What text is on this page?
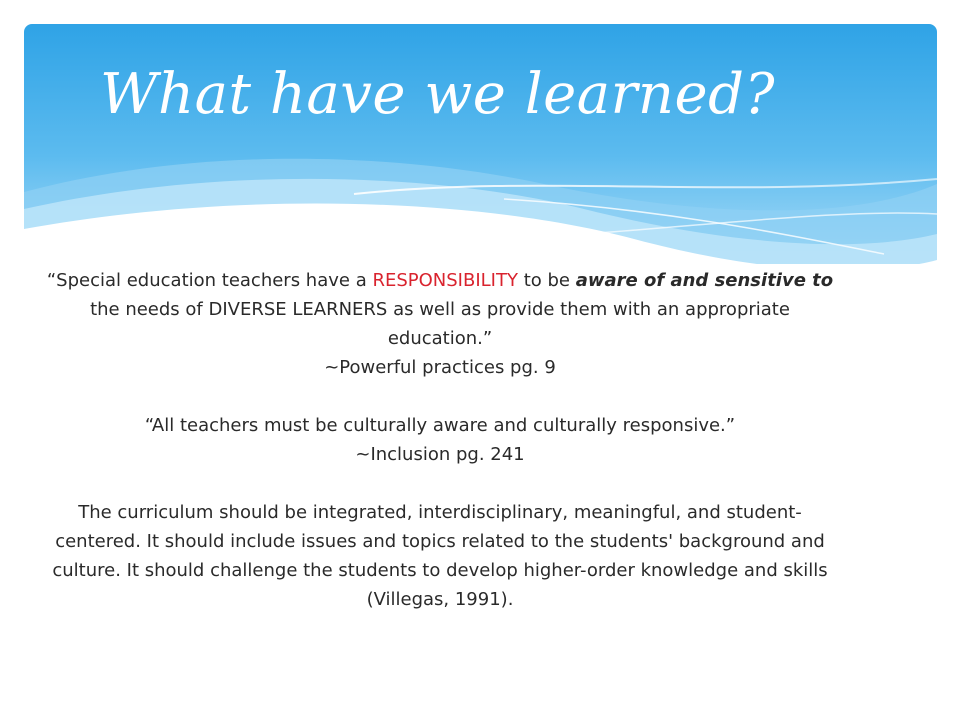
What have we learned?

“Special education teachers have a RESPONSIBILITY to be aware of and sensitive to the needs of DIVERSE LEARNERS as well as provide them with an appropriate education.”

~Powerful practices pg. 9

“All teachers must be culturally aware and culturally responsive.”

~Inclusion pg. 241

The curriculum should be integrated, interdisciplinary, meaningful, and student-centered. It should include issues and topics related to the students' background and culture. It should challenge the students to develop higher-order knowledge and skills (Villegas, 1991).
